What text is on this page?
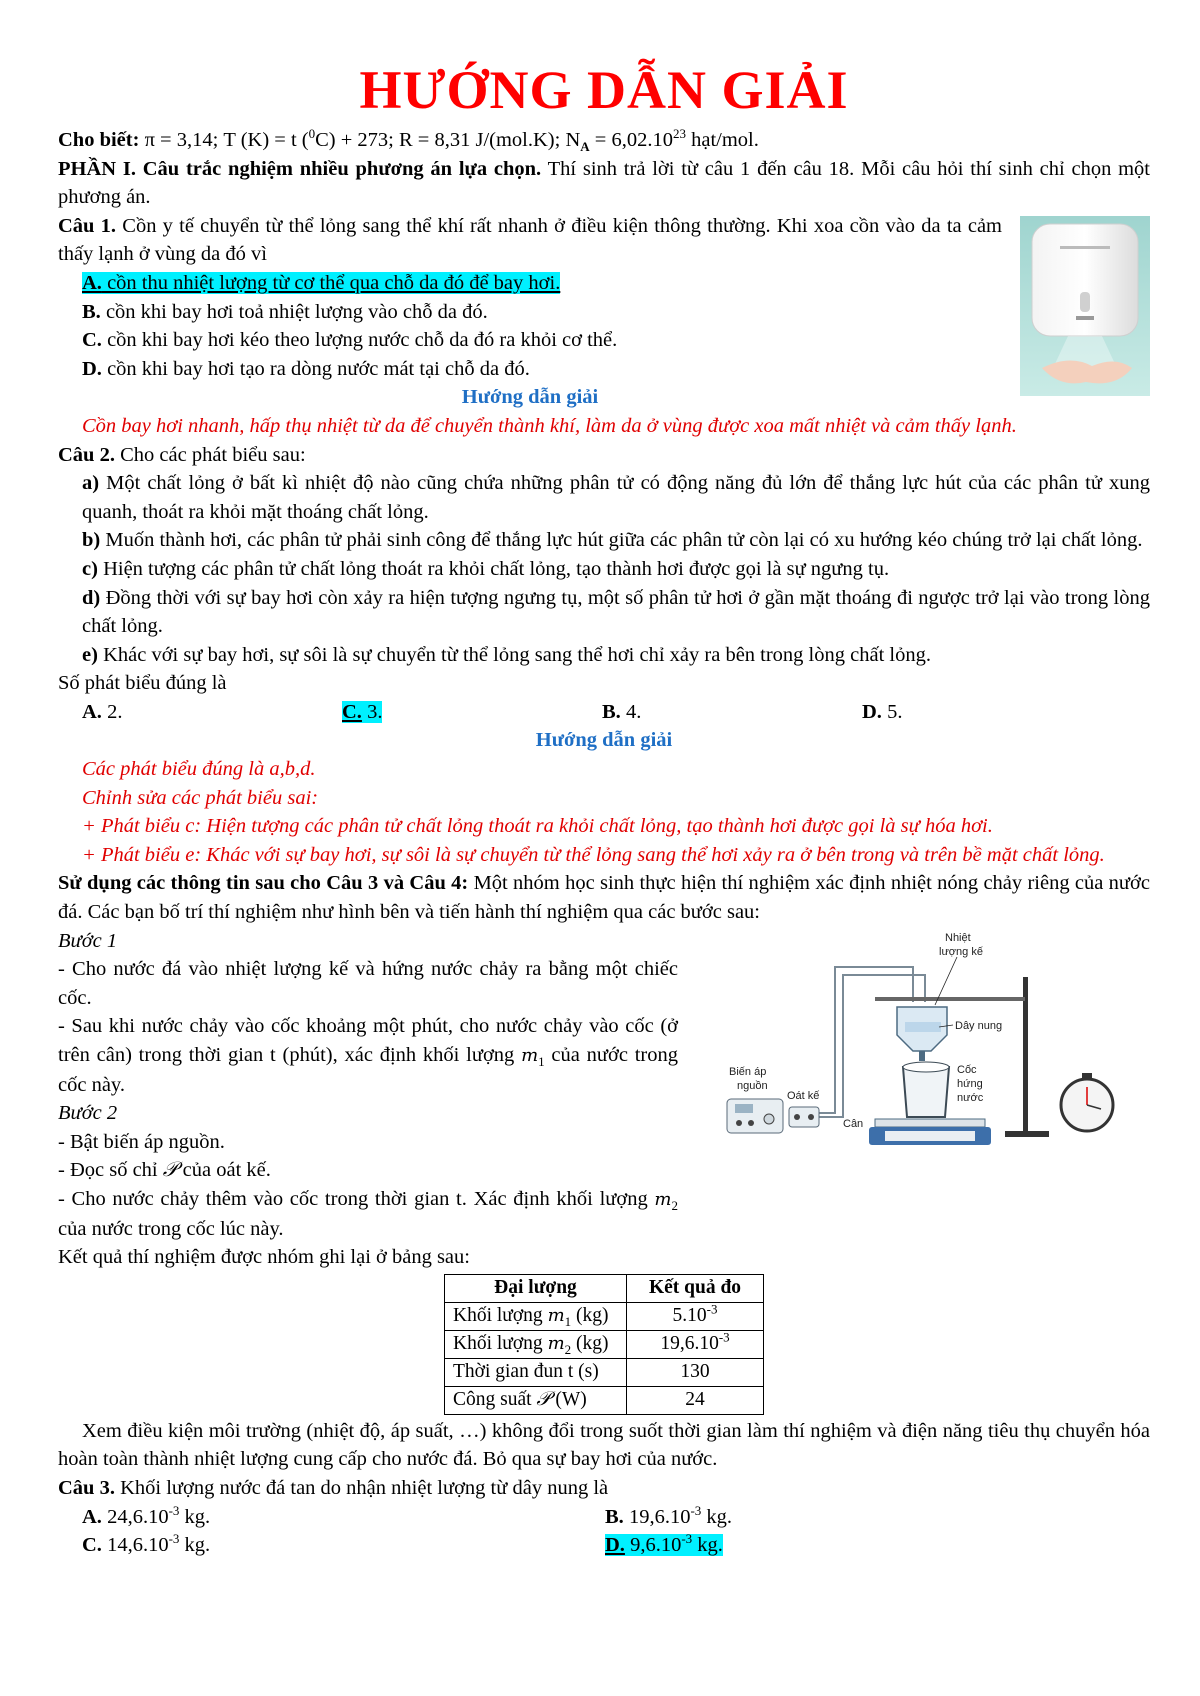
HƯỚNG DẪN GIẢI

Cho biết: π = 3,14; T (K) = t ($^0$C) + 273; R = 8,31 J/(mol.K); $N_A = 6,02.10^{23}$ hạt/mol.

PHẦN I. Câu trắc nghiệm nhiều phương án lựa chọn. Thí sinh trả lời từ câu 1 đến câu 18. Mỗi câu hỏi thí sinh chỉ chọn một phương án.

Câu 1. Cồn y tế chuyển từ thể lỏng sang thể khí rất nhanh ở điều kiện thông thường. Khi xoa cồn vào da ta cảm thấy lạnh ở vùng da đó vì

A. cồn thu nhiệt lượng từ cơ thể qua chỗ da đó để bay hơi.

B. cồn khi bay hơi toả nhiệt lượng vào chỗ da đó.

C. cồn khi bay hơi kéo theo lượng nước chỗ da đó ra khỏi cơ thể.

D. cồn khi bay hơi tạo ra dòng nước mát tại chỗ da đó.

Hướng dẫn giải

Cồn bay hơi nhanh, hấp thụ nhiệt từ da để chuyển thành khí, làm da ở vùng được xoa mất nhiệt và cảm thấy lạnh.

Câu 2. Cho các phát biểu sau:

a) Một chất lỏng ở bất kì nhiệt độ nào cũng chứa những phân tử có động năng đủ lớn để thắng lực hút của các phân tử xung quanh, thoát ra khỏi mặt thoáng chất lỏng.

b) Muốn thành hơi, các phân tử phải sinh công để thắng lực hút giữa các phân tử còn lại có xu hướng kéo chúng trở lại chất lỏng.

c) Hiện tượng các phân tử chất lỏng thoát ra khỏi chất lỏng, tạo thành hơi được gọi là sự ngưng tụ.

d) Đồng thời với sự bay hơi còn xảy ra hiện tượng ngưng tụ, một số phân tử hơi ở gần mặt thoáng đi ngược trở lại vào trong lòng chất lỏng.

e) Khác với sự bay hơi, sự sôi là sự chuyển từ thể lỏng sang thể hơi chỉ xảy ra bên trong lòng chất lỏng.

Số phát biểu đúng là

A. 2.	C. 3.	B. 4.	D. 5.

Hướng dẫn giải

Các phát biểu đúng là a,b,d.

Chỉnh sửa các phát biểu sai:

+ Phát biểu c: Hiện tượng các phân tử chất lỏng thoát ra khỏi chất lỏng, tạo thành hơi được gọi là sự hóa hơi.

+ Phát biểu e: Khác với sự bay hơi, sự sôi là sự chuyển từ thể lỏng sang thể hơi xảy ra ở bên trong và trên bề mặt chất lỏng.

Sử dụng các thông tin sau cho Câu 3 và Câu 4: Một nhóm học sinh thực hiện thí nghiệm xác định nhiệt nóng chảy riêng của nước đá. Các bạn bố trí thí nghiệm như hình bên và tiến hành thí nghiệm qua các bước sau:

Biến áp
nguồn
Oát kế
Nhiệt
lượng kế
Dây nung
Cốc
hứng
nước
Cân

Bước 1

- Cho nước đá vào nhiệt lượng kế và hứng nước chảy ra bằng một chiếc cốc.

- Sau khi nước chảy vào cốc khoảng một phút, cho nước chảy vào cốc (ở trên cân) trong thời gian t (phút), xác định khối lượng $m_1$ của nước trong cốc này.

Bước 2

- Bật biến áp nguồn.

- Đọc số chỉ 𝒫 của oát kế.

- Cho nước chảy thêm vào cốc trong thời gian t. Xác định khối lượng $m_2$ của nước trong cốc lúc này.

Kết quả thí nghiệm được nhóm ghi lại ở bảng sau:

Đại lượng	Kết quả đo
Khối lượng $m_1$ (kg)	$5.10^{-3}$
Khối lượng $m_2$ (kg)	$19,6.10^{-3}$
Thời gian đun t (s)	130
Công suất 𝒫 (W)	24

Xem điều kiện môi trường (nhiệt độ, áp suất, …) không đổi trong suốt thời gian làm thí nghiệm và điện năng tiêu thụ chuyển hóa hoàn toàn thành nhiệt lượng cung cấp cho nước đá. Bỏ qua sự bay hơi của nước.

Câu 3. Khối lượng nước đá tan do nhận nhiệt lượng từ dây nung là

A. $24,6.10^{-3}$ kg.	B. $19,6.10^{-3}$ kg.
C. $14,6.10^{-3}$ kg.	D. $9,6.10^{-3}$ kg.
